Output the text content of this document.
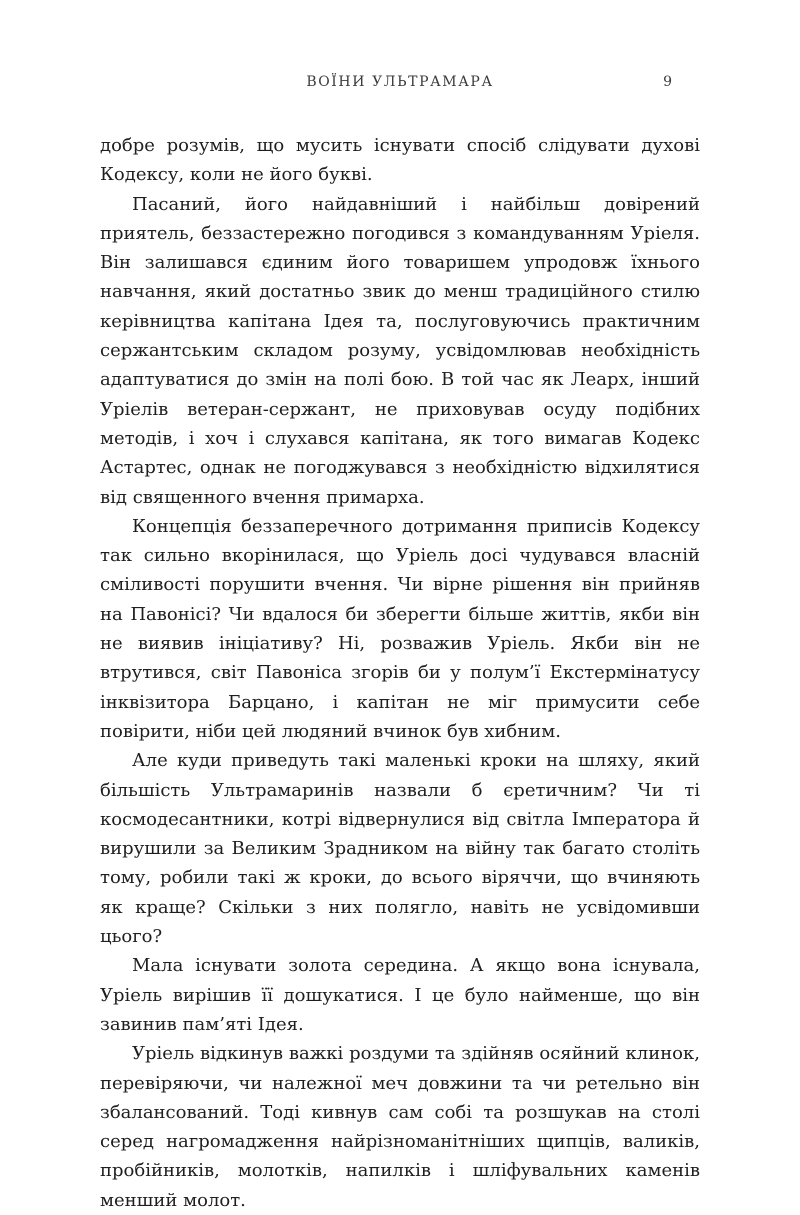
ВОЇНИ УЛЬТРАМАРА	9

добре розумів, що мусить існувати спосіб слідувати духові Кодексу, коли не його букві.

Пасаний, його найдавніший і найбільш довірений приятель, беззастережно погодився з командуванням Уріеля. Він залишався єдиним його товаришем упродовж їхнього навчання, який достатньо звик до менш традиційного стилю керівництва капітана Ідея та, послуговуючись практичним сержантським складом розуму, усвідомлював необхідність адаптуватися до змін на полі бою. В той час як Леарх, інший Уріелів ветеран-сержант, не приховував осуду подібних методів, і хоч і слухався капітана, як того вимагав Кодекс Астартес, однак не погоджувався з необхідністю відхилятися від священного вчення примарха.

Концепція беззаперечного дотримання приписів Кодексу так сильно вкорінилася, що Уріель досі чудувався власній сміливості порушити вчення. Чи вірне рішення він прийняв на Павонісі? Чи вдалося би зберегти більше життів, якби він не виявив ініціативу? Ні, розважив Уріель. Якби він не втрутився, світ Павоніса згорів би у полум’ї Екстермінатусу інквізитора Барцано, і капітан не міг примусити себе повірити, ніби цей людяний вчинок був хибним.

Але куди приведуть такі маленькі кроки на шляху, який більшість Ультрамаринів назвали б єретичним? Чи ті космодесантники, котрі відвернулися від світла Імператора й вирушили за Великим Зрадником на війну так багато століть тому, робили такі ж кроки, до всього віряччи, що вчиняють як краще? Скільки з них полягло, навіть не усвідомивши цього?

Мала існувати золота середина. А якщо вона існувала, Уріель вирішив її дошукатися. І це було найменше, що він завинив пам’яті Ідея.

Уріель відкинув важкі роздуми та здійняв осяйний клинок, перевіряючи, чи належної меч довжини та чи ретельно він збалансований. Тоді кивнув сам собі та розшукав на столі серед нагромадження найрізноманітніших щипців, валиків, пробійників, молотків, напилків і шліфувальних каменів менший молот.
